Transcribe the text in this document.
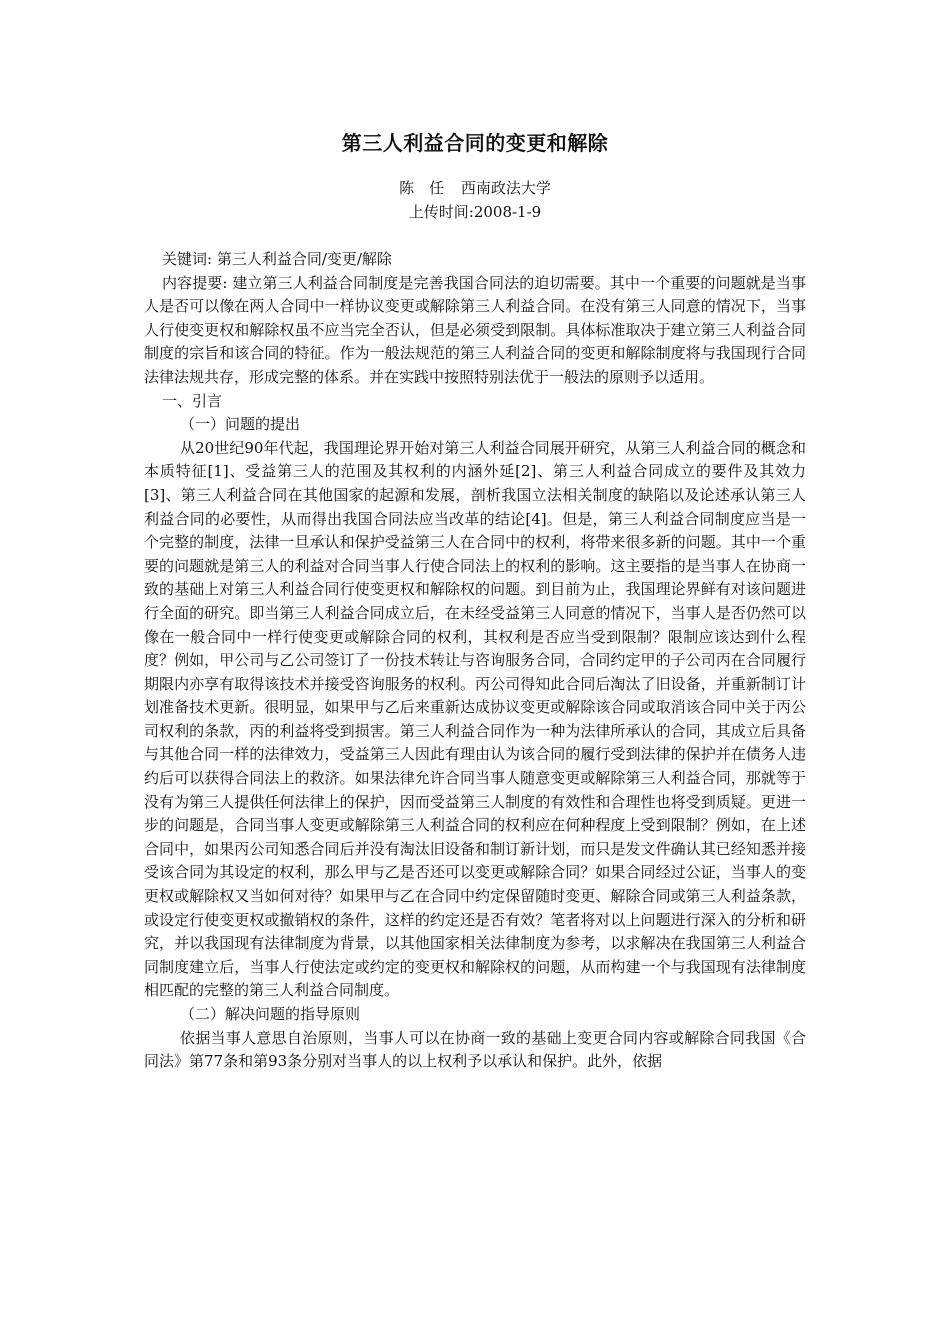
第三人利益合同的变更和解除
陈　任 西南政法大学
上传时间:2008-1-9

关键词: 第三人利益合同/变更/解除

内容提要: 建立第三人利益合同制度是完善我国合同法的迫切需要。其中一个重要的问题就是当事人是否可以像在两人合同中一样协议变更或解除第三人利益合同。在没有第三人同意的情况下，当事人行使变更权和解除权虽不应当完全否认，但是必须受到限制。具体标准取决于建立第三人利益合同制度的宗旨和该合同的特征。作为一般法规范的第三人利益合同的变更和解除制度将与我国现行合同法律法规共存，形成完整的体系。并在实践中按照特别法优于一般法的原则予以适用。

一、引言

（一）问题的提出

从20世纪90年代起，我国理论界开始对第三人利益合同展开研究，从第三人利益合同的概念和本质特征[1]、受益第三人的范围及其权利的内涵外延[2]、第三人利益合同成立的要件及其效力[3]、第三人利益合同在其他国家的起源和发展，剖析我国立法相关制度的缺陷以及论述承认第三人利益合同的必要性，从而得出我国合同法应当改革的结论[4]。但是，第三人利益合同制度应当是一个完整的制度，法律一旦承认和保护受益第三人在合同中的权利，将带来很多新的问题。其中一个重要的问题就是第三人的利益对合同当事人行使合同法上的权利的影响。这主要指的是当事人在协商一致的基础上对第三人利益合同行使变更权和解除权的问题。到目前为止，我国理论界鲜有对该问题进行全面的研究。即当第三人利益合同成立后，在未经受益第三人同意的情况下，当事人是否仍然可以像在一般合同中一样行使变更或解除合同的权利，其权利是否应当受到限制？限制应该达到什么程度？例如，甲公司与乙公司签订了一份技术转让与咨询服务合同，合同约定甲的子公司丙在合同履行期限内亦享有取得该技术并接受咨询服务的权利。丙公司得知此合同后淘汰了旧设备，并重新制订计划准备技术更新。很明显，如果甲与乙后来重新达成协议变更或解除该合同或取消该合同中关于丙公司权利的条款，丙的利益将受到损害。第三人利益合同作为一种为法律所承认的合同，其成立后具备与其他合同一样的法律效力，受益第三人因此有理由认为该合同的履行受到法律的保护并在债务人违约后可以获得合同法上的救济。如果法律允许合同当事人随意变更或解除第三人利益合同，那就等于没有为第三人提供任何法律上的保护，因而受益第三人制度的有效性和合理性也将受到质疑。更进一步的问题是，合同当事人变更或解除第三人利益合同的权利应在何种程度上受到限制？例如，在上述合同中，如果丙公司知悉合同后并没有淘汰旧设备和制订新计划，而只是发文件确认其已经知悉并接受该合同为其设定的权利，那么甲与乙是否还可以变更或解除合同？如果合同经过公证，当事人的变更权或解除权又当如何对待？如果甲与乙在合同中约定保留随时变更、解除合同或第三人利益条款，或设定行使变更权或撤销权的条件，这样的约定还是否有效？笔者将对以上问题进行深入的分析和研究，并以我国现有法律制度为背景，以其他国家相关法律制度为参考，以求解决在我国第三人利益合同制度建立后，当事人行使法定或约定的变更权和解除权的问题，从而构建一个与我国现有法律制度相匹配的完整的第三人利益合同制度。

（二）解决问题的指导原则

依据当事人意思自治原则，当事人可以在协商一致的基础上变更合同内容或解除合同我国《合同法》第77条和第93条分别对当事人的以上权利予以承认和保护。此外，依据
